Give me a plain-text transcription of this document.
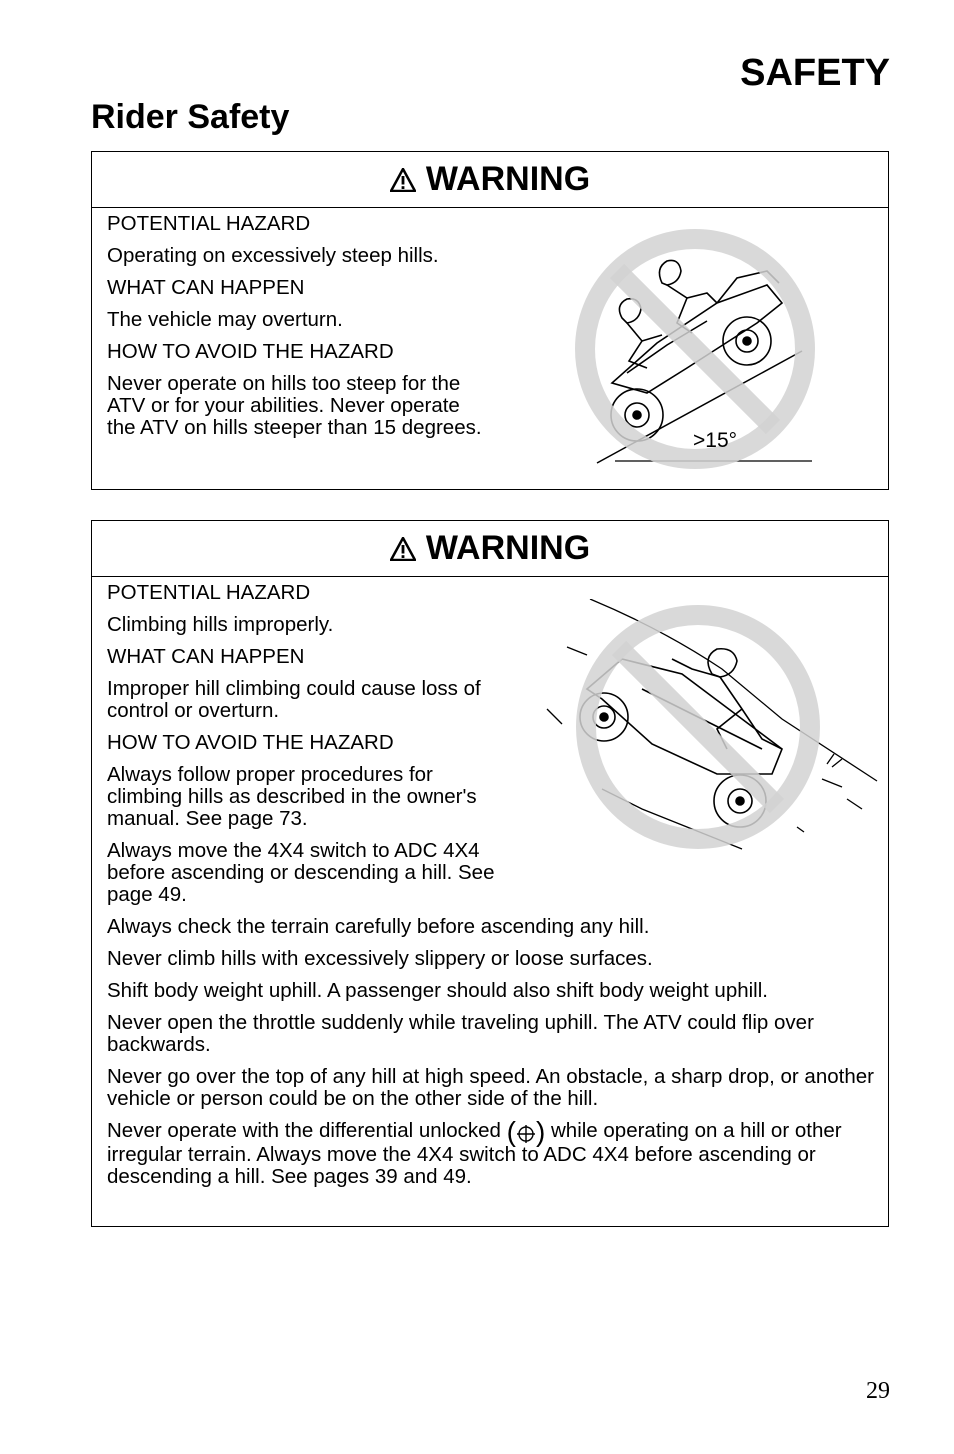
SAFETY
Rider Safety
WARNING

POTENTIAL HAZARD

Operating on excessively steep hills.

WHAT CAN HAPPEN

The vehicle may overturn.

HOW TO AVOID THE HAZARD

Never operate on hills too steep for the ATV or for your abilities. Never operate the ATV on hills steeper than 15 degrees.

>15°
WARNING

POTENTIAL HAZARD

Climbing hills improperly.

WHAT CAN HAPPEN

Improper hill climbing could cause loss of control or overturn.

HOW TO AVOID THE HAZARD

Always follow proper procedures for climbing hills as described in the owner's manual. See page 73.

Always move the 4X4 switch to ADC 4X4 before ascending or descending a hill. See page 49.

Always check the terrain carefully before ascending any hill.

Never climb hills with excessively slippery or loose surfaces.

Shift body weight uphill. A passenger should also shift body weight uphill.

Never open the throttle suddenly while traveling uphill. The ATV could flip over backwards.

Never go over the top of any hill at high speed. An obstacle, a sharp drop, or another vehicle or person could be on the other side of the hill.

Never operate with the differential unlocked ( ) while operating on a hill or other irregular terrain. Always move the 4X4 switch to ADC 4X4 before ascending or descending a hill. See pages 39 and 49.

29
